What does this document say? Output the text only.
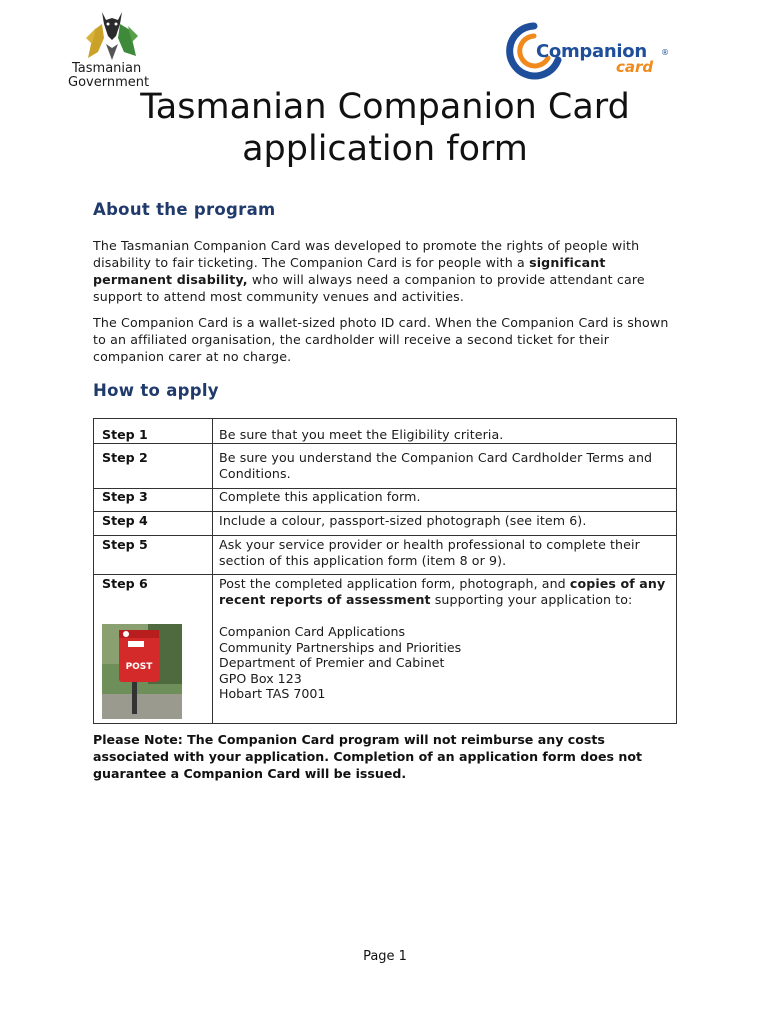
Tasmanian
Government
Companion ®
card
Tasmanian Companion Card
application form
About the program
The Tasmanian Companion Card was developed to promote the rights of people with disability to fair ticketing. The Companion Card is for people with a significant permanent disability, who will always need a companion to provide attendant care support to attend most community venues and activities.
The Companion Card is a wallet-sized photo ID card. When the Companion Card is shown to an affiliated organisation, the cardholder will receive a second ticket for their companion carer at no charge.
How to apply
Step 1	Be sure that you meet the Eligibility criteria.
Step 2	Be sure you understand the Companion Card Cardholder Terms and Conditions.
Step 3	Complete this application form.
Step 4	Include a colour, passport-sized photograph (see item 6).
Step 5	Ask your service provider or health professional to complete their section of this application form (item 8 or 9).
Step 6	Post the completed application form, photograph, and copies of any recent reports of assessment supporting your application to:
POST
Companion Card Applications
Community Partnerships and Priorities
Department of Premier and Cabinet
GPO Box 123
Hobart TAS 7001
Please Note: The Companion Card program will not reimburse any costs associated with your application. Completion of an application form does not guarantee a Companion Card will be issued.
Page 1
